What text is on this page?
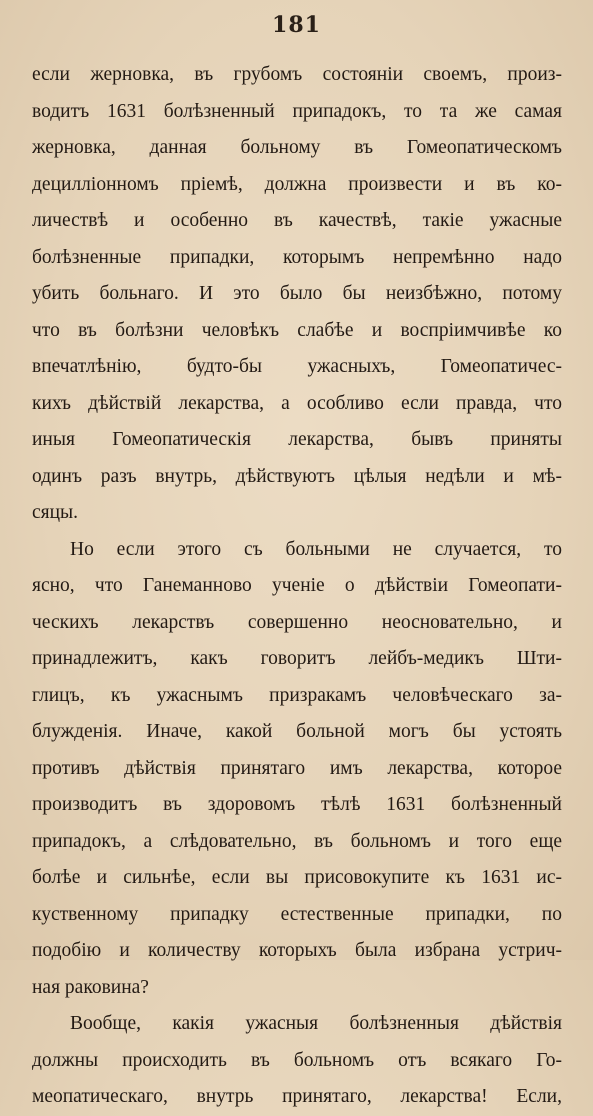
181
если жерновка, въ грубомъ состояніи своемъ, произ-
водитъ 1631 болѣзненный припадокъ, то та же самая
жерновка, данная больному въ Гомеопатическомъ
дециллiонномъ прiемѣ, должна произвести и въ ко-
личествѣ и особенно въ качествѣ, такiе ужасные
болѣзненные припадки, которымъ непремѣнно надо
убить больнаго. И это было бы неизбѣжно, потому
что въ болѣзни человѣкъ слабѣе и воспрiимчивѣе ко
впечатлѣнiю, будто-бы ужасныхъ, Гомеопатичес-
кихъ дѣйствiй лекарства, а особливо если правда, что
иныя Гомеопатическiя лекарства, бывъ приняты
одинъ разъ внутрь, дѣйствуютъ цѣлыя недѣли и мѣ-
сяцы.
Но если этого съ больными не случается, то
ясно, что Ганеманново ученiе о дѣйствiи Гомеопати-
ческихъ лекарствъ совершенно неосновательно, и
принадлежитъ, какъ говоритъ лейбъ-медикъ Шти-
глицъ, къ ужаснымъ призракамъ человѣческаго за-
блужденiя. Иначе, какой больной могъ бы устоять
противъ дѣйствiя принятаго имъ лекарства, которое
производитъ въ здоровомъ тѣлѣ 1631 болѣзненный
припадокъ, а слѣдовательно, въ больномъ и того еще
болѣе и сильнѣе, если вы присовокупите къ 1631 ис-
куственному припадку естественные припадки, по
подобiю и количеству которыхъ была избрана устрич-
ная раковина?
Вообще, какiя ужасныя болѣзненныя дѣйствiя
должны происходить въ больномъ отъ всякаго Го-
меопатическаго, внутрь принятаго, лекарства! Если,
